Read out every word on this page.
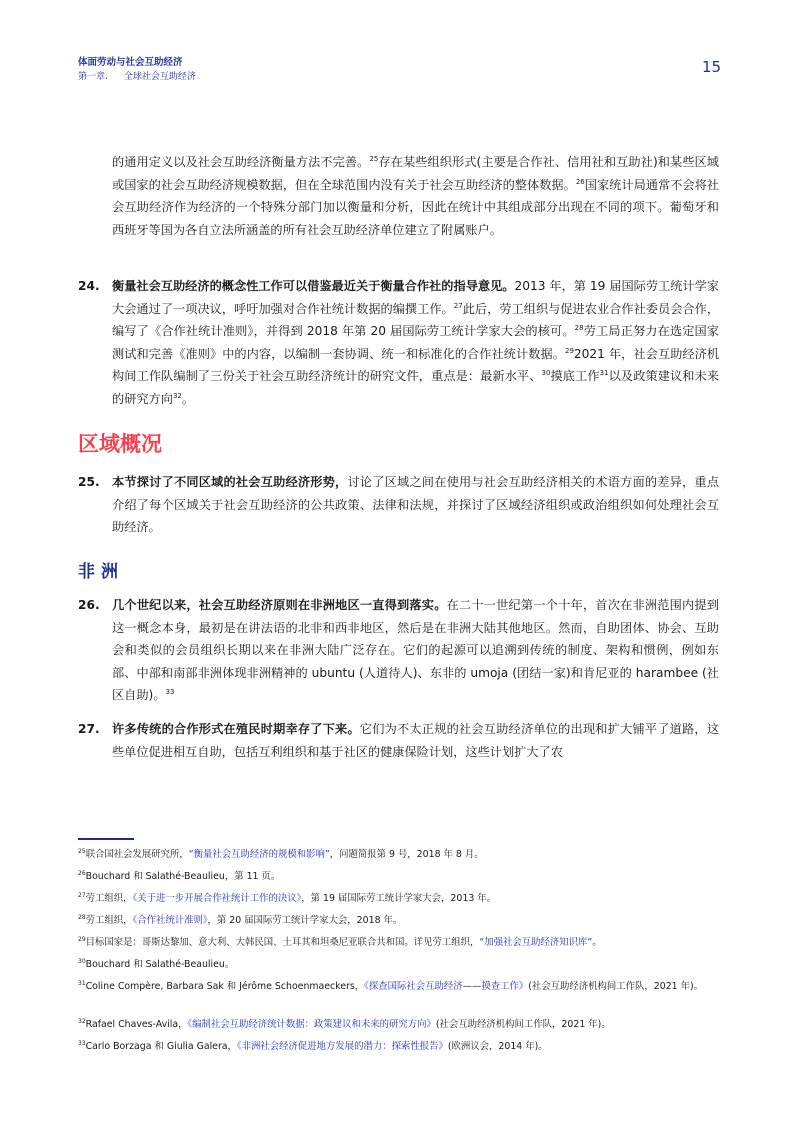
体面劳动与社会互助经济
第一章. 全球社会互助经济
15
的通用定义以及社会互助经济衡量方法不完善。$^{25}$存在某些组织形式(主要是合作社、信用社和互助社)和某些区域或国家的社会互助经济规模数据，但在全球范围内没有关于社会互助经济的整体数据。$^{26}$国家统计局通常不会将社会互助经济作为经济的一个特殊分部门加以衡量和分析，因此在统计中其组成部分出现在不同的项下。葡萄牙和西班牙等国为各自立法所涵盖的所有社会互助经济单位建立了附属账户。
24. 衡量社会互助经济的概念性工作可以借鉴最近关于衡量合作社的指导意见。2013 年，第 19 届国际劳工统计学家大会通过了一项决议，呼吁加强对合作社统计数据的编撰工作。$^{27}$此后，劳工组织与促进农业合作社委员会合作，编写了《合作社统计准则》，并得到 2018 年第 20 届国际劳工统计学家大会的核可。$^{28}$劳工局正努力在选定国家测试和完善《准则》中的内容，以编制一套协调、统一和标准化的合作社统计数据。$^{29}$2021 年，社会互助经济机构间工作队编制了三份关于社会互助经济统计的研究文件，重点是：最新水平、$^{30}$摸底工作$^{31}$以及政策建议和未来的研究方向$^{32}$。
区域概况
25. 本节探讨了不同区域的社会互助经济形势，讨论了区域之间在使用与社会互助经济相关的术语方面的差异，重点介绍了每个区域关于社会互助经济的公共政策、法律和法规，并探讨了区域经济组织或政治组织如何处理社会互助经济。
非洲
26. 几个世纪以来，社会互助经济原则在非洲地区一直得到落实。在二十一世纪第一个十年，首次在非洲范围内提到这一概念本身，最初是在讲法语的北非和西非地区，然后是在非洲大陆其他地区。然而，自助团体、协会、互助会和类似的会员组织长期以来在非洲大陆广泛存在。它们的起源可以追溯到传统的制度、架构和惯例，例如东部、中部和南部非洲体现非洲精神的 ubuntu (人道待人)、东非的 umoja (团结一家)和肯尼亚的 harambee (社区自助)。$^{33}$
27. 许多传统的合作形式在殖民时期幸存了下来。它们为不太正规的社会互助经济单位的出现和扩大铺平了道路，这些单位促进相互自助，包括互利组织和基于社区的健康保险计划，这些计划扩大了农
$^{25}$联合国社会发展研究所，“衡量社会互助经济的规模和影响”，问题简报第 9 号，2018 年 8 月。
$^{26}$Bouchard 和 Salathé-Beaulieu，第 11 页。
$^{27}$劳工组织，《关于进一步开展合作社统计工作的决议》，第 19 届国际劳工统计学家大会，2013 年。
$^{28}$劳工组织，《合作社统计准则》，第 20 届国际劳工统计学家大会，2018 年。
$^{29}$目标国家是：哥斯达黎加、意大利、大韩民国、土耳其和坦桑尼亚联合共和国。详见劳工组织，“加强社会互助经济知识库”。
$^{30}$Bouchard 和 Salathé-Beaulieu。
$^{31}$Coline Compère, Barbara Sak 和 Jérôme Schoenmaeckers，《探查国际社会互助经济——摸查工作》(社会互助经济机构间工作队，2021 年)。
$^{32}$Rafael Chaves-Avila，《编制社会互助经济统计数据：政策建议和未来的研究方向》(社会互助经济机构间工作队，2021 年)。
$^{33}$Carlo Borzaga 和 Giulia Galera，《非洲社会经济促进地方发展的潜力：探索性报告》(欧洲议会，2014 年)。
